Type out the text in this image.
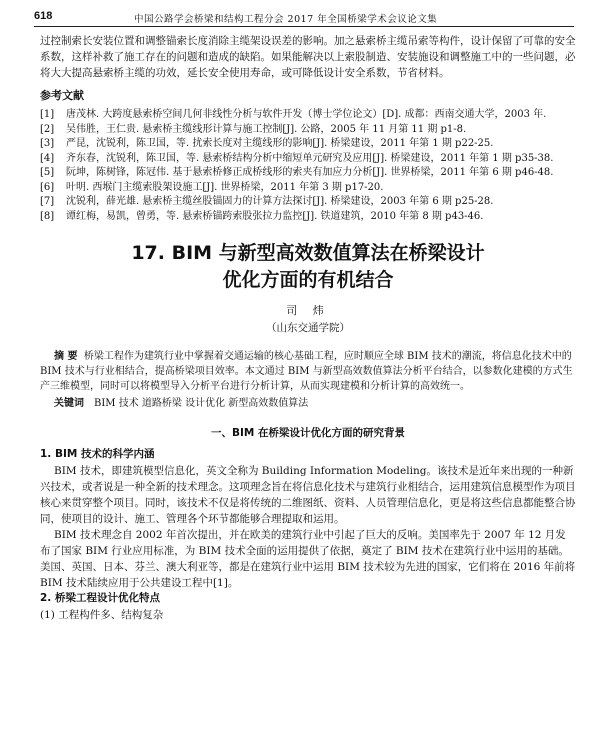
618	中国公路学会桥梁和结构工程分会 2017 年全国桥梁学术会议论文集

过控制索长安装位置和调整锚索长度消除主缆架设误差的影响。加之悬索桥主缆吊索等构件，设计保留了可靠的安全系数，这样补救了施工存在的问题和造成的缺陷。如果能解决以上索股制造、安装施设和调整施工中的一些问题，必将大大提高悬索桥主缆的功效，延长安全使用寿命，或可降低设计安全系数，节省材料。

参考文献
[1]	唐茂林. 大跨度悬索桥空间几何非线性分析与软件开发（博士学位论文）[D]. 成都：西南交通大学，2003 年.
[2]	吴伟胜，王仁贵. 悬索桥主缆线形计算与施工控制[J]. 公路，2005 年 11 月第 11 期 p1-8.
[3]	严昆，沈锐利，陈卫国，等. 扰索长度对主缆线形的影响[J]. 桥梁建设，2011 年第 1 期 p22-25.
[4]	齐东春，沈锐利，陈卫国，等. 悬索桥结构分析中缩短单元研究及应用[J]. 桥梁建设，2011 年第 1 期 p35-38.
[5]	阮坤，陈树锋，陈冠伟. 基于悬索桥修正成桥线形的索夹有加应力分析[J]. 世界桥梁，2011 年第 6 期 p46-48.
[6]	叶明. 西堠门主缆索股架设施工[J]. 世界桥梁，2011 年第 3 期 p17-20.
[7]	沈锐利，薛光雄. 悬索桥主缆丝股锚固力的计算方法探讨[J]. 桥梁建设，2003 年第 6 期 p25-28.
[8]	谭红梅，易凯，曾勇，等. 悬索桥锚跨索股张拉力监控[J]. 铁道建筑，2010 年第 8 期 p43-46.
17. BIM 与新型高效数值算法在桥梁设计
优化方面的有机结合
司 炜
（山东交通学院）
摘 要 桥梁工程作为建筑行业中掌握着交通运输的核心基础工程，应时顺应全球 BIM 技术的潮流，将信息化技术中的 BIM 技术与行业相结合，提高桥梁项目效率。本文通过 BIM 与新型高效数值算法分析平台结合，以参数化建模的方式生产三维模型，同时可以将模型导入分析平台进行分析计算，从而实现建模和分析计算的高效统一。
关键词 BIM 技术 道路桥梁 设计优化 新型高效数值算法
一、BIM 在桥梁设计优化方面的研究背景
1. BIM 技术的科学内涵

BIM 技术，即建筑模型信息化，英文全称为 Building Information Modeling。该技术是近年来出现的一种新兴技术，或者说是一种全新的技术理念。这项理念旨在将信息化技术与建筑行业相结合，运用建筑信息模型作为项目核心来贯穿整个项目。同时，该技术不仅是将传统的二维图纸、资料、人员管理信息化，更是将这些信息都能整合协同，使项目的设计、施工、管理各个环节都能够合理提取和运用。

BIM 技术理念自 2002 年首次提出，并在欧美的建筑行业中引起了巨大的反响。美国率先于 2007 年 12 月发布了国家 BIM 行业应用标准，为 BIM 技术全面的运用提供了依据，奠定了 BIM 技术在建筑行业中运用的基础。美国、英国、日本、芬兰、澳大利亚等，都是在建筑行业中运用 BIM 技术较为先进的国家，它们将在 2016 年前将 BIM 技术陆续应用于公共建设工程中[1]。

2. 桥梁工程设计优化特点

(1) 工程构件多、结构复杂
